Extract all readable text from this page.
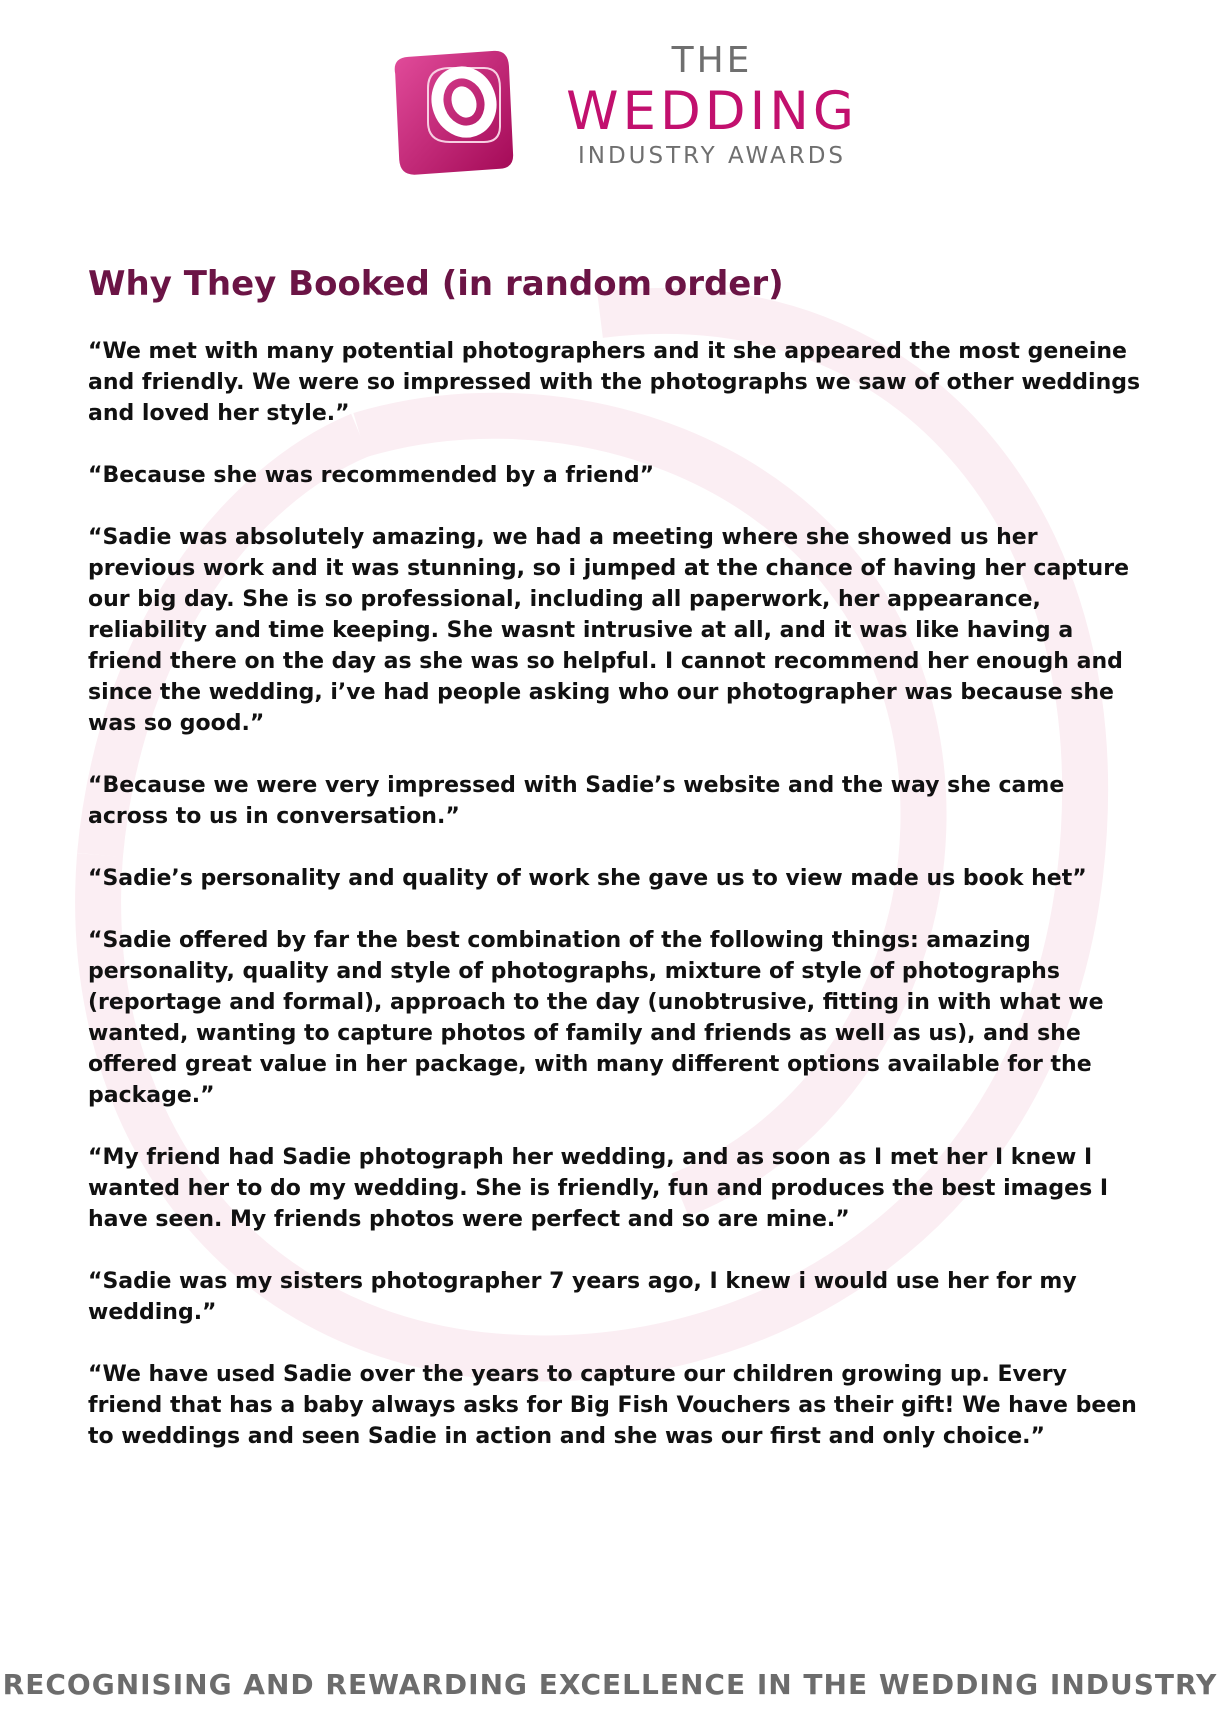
THE
WEDDING
INDUSTRY AWARDS
Why They Booked (in random order)

“We met with many potential photographers and it she appeared the most geneine and friendly. We were so impressed with the photographs we saw of other weddings and loved her style.”

“Because she was recommended by a friend”

“Sadie was absolutely amazing, we had a meeting where she showed us her previous work and it was stunning, so i jumped at the chance of having her capture our big day. She is so professional, including all paperwork, her appearance, reliability and time keeping. She wasnt intrusive at all, and it was like having a friend there on the day as she was so helpful. I cannot recommend her enough and since the wedding, i’ve had people asking who our photographer was because she was so good.”

“Because we were very impressed with Sadie’s website and the way she came across to us in conversation.”

“Sadie’s personality and quality of work she gave us to view made us book het”

“Sadie offered by far the best combination of the following things: amazing personality, quality and style of photographs, mixture of style of photographs (reportage and formal), approach to the day (unobtrusive, fitting in with what we wanted, wanting to capture photos of family and friends as well as us), and she offered great value in her package, with many different options available for the package.”

“My friend had Sadie photograph her wedding, and as soon as I met her I knew I wanted her to do my wedding. She is friendly, fun and produces the best images I have seen. My friends photos were perfect and so are mine.”

“Sadie was my sisters photographer 7 years ago, I knew i would use her for my wedding.”

“We have used Sadie over the years to capture our children growing up. Every friend that has a baby always asks for Big Fish Vouchers as their gift! We have been to weddings and seen Sadie in action and she was our first and only choice.”

RECOGNISING AND REWARDING EXCELLENCE IN THE WEDDING INDUSTRY
